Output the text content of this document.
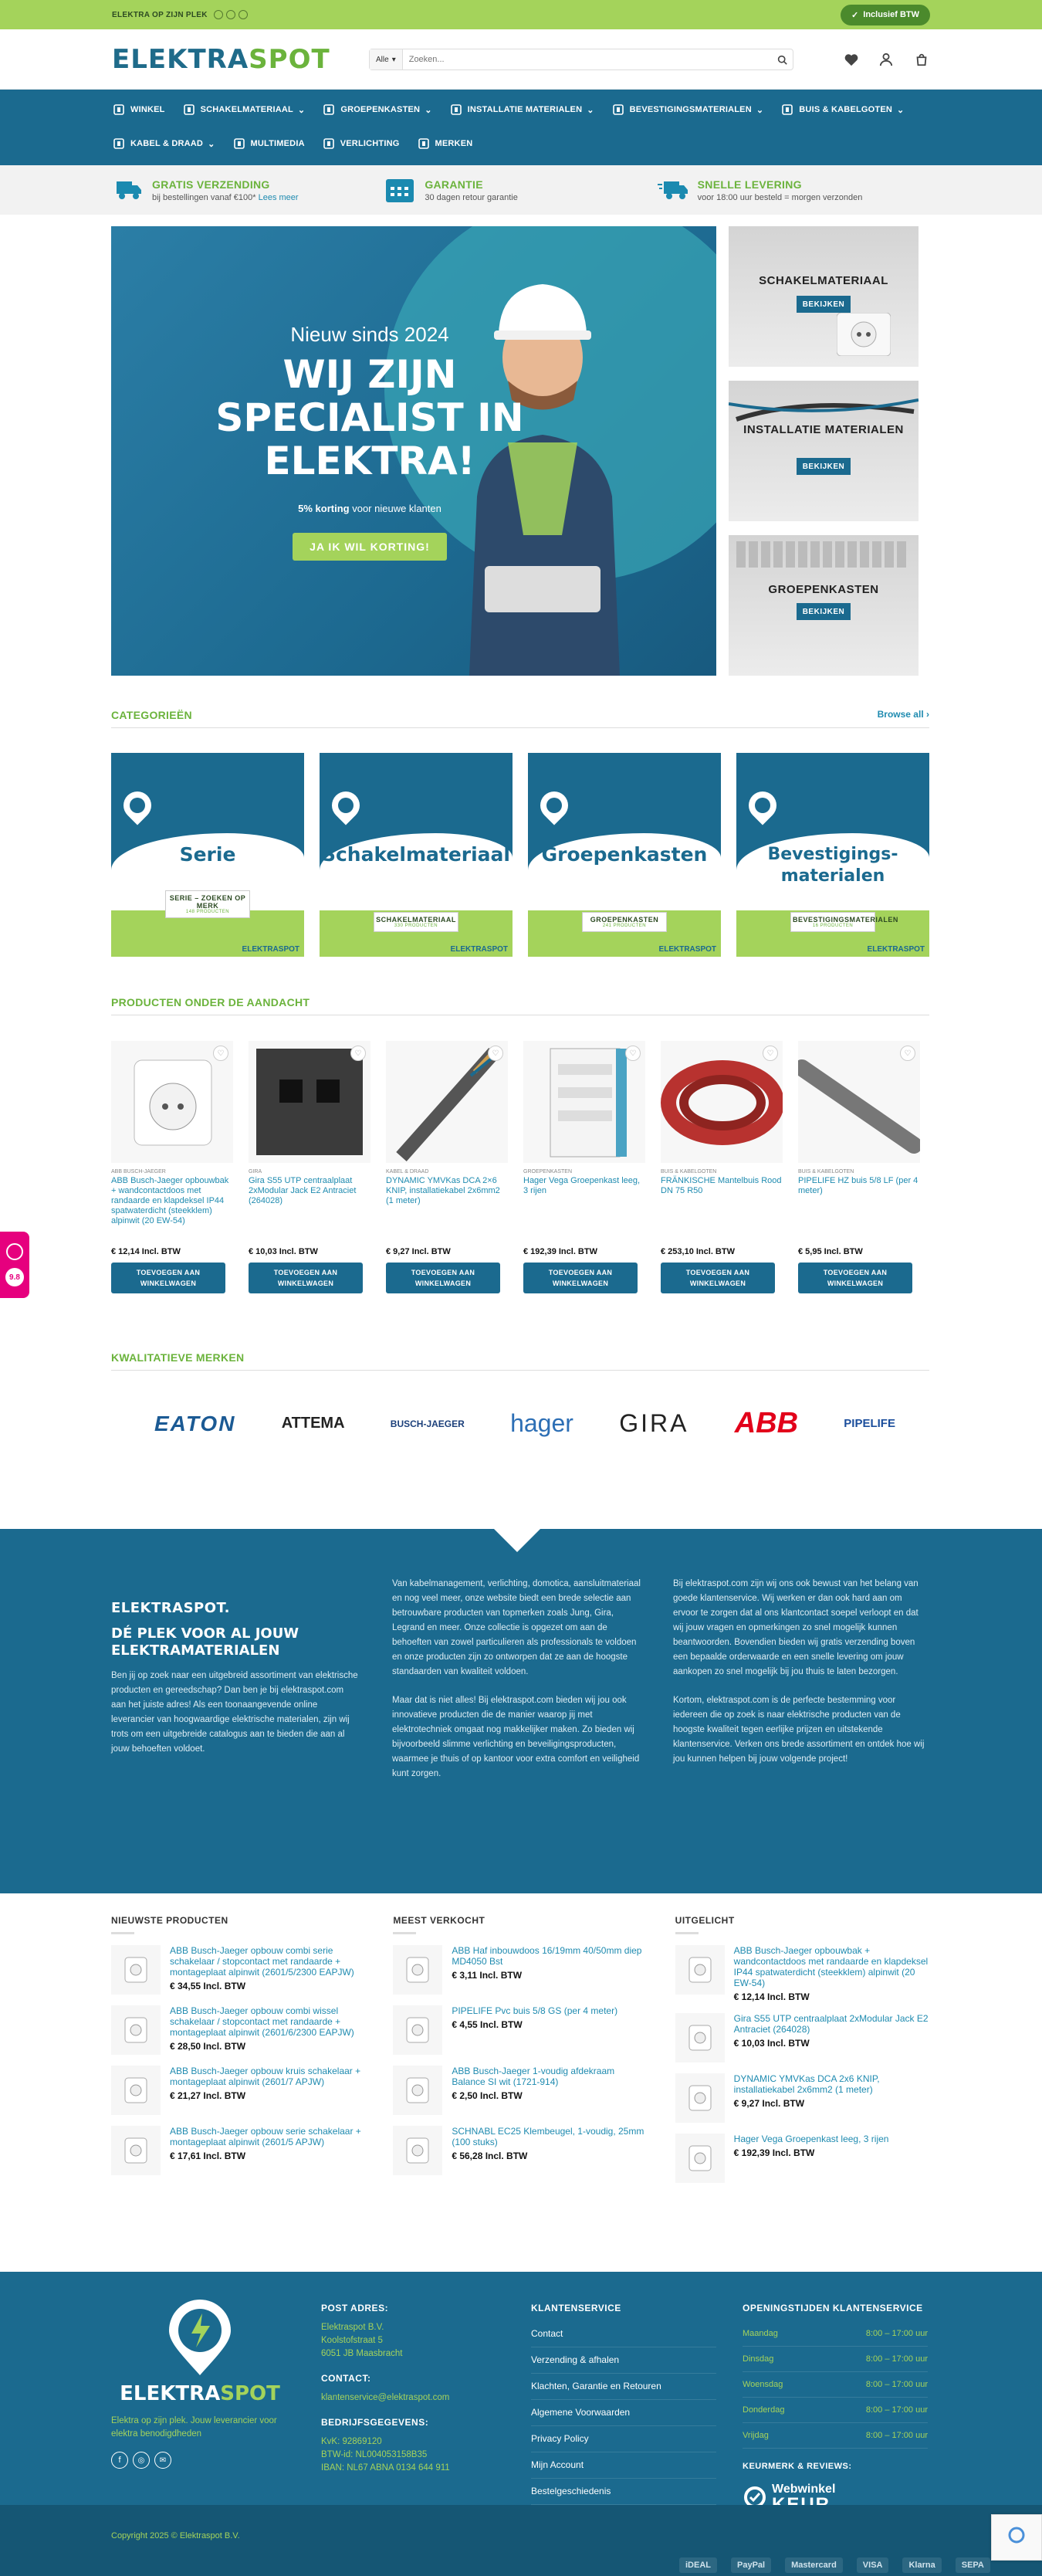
ELEKTRA OP ZIJN PLEK	✓ Inclusief BTW
ELEKTRASPOT	Alle ▾
Zoeken...
WINKEL	SCHAKELMATERIAAL ⌄	GROEPENKASTEN ⌄	INSTALLATIE MATERIALEN ⌄	BEVESTIGINGSMATERIALEN ⌄	BUIS & KABELGOTEN ⌄
KABEL & DRAAD ⌄	MULTIMEDIA	VERLICHTING	MERKEN
GRATIS VERZENDING
bij bestellingen vanaf €100* Lees meer
GARANTIE
30 dagen retour garantie
SNELLE LEVERING
voor 18:00 uur besteld = morgen verzonden
Nieuw sinds 2024
WIJ ZIJN
SPECIALIST IN
ELEKTRA!
5% korting voor nieuwe klanten
JA IK WIL KORTING!
SCHAKELMATERIAAL
BEKIJKEN
INSTALLATIE MATERIALEN
BEKIJKEN
GROEPENKASTEN
BEKIJKEN
CATEGORIEËN	Browse all ›
Serie
SERIE – ZOEKEN OP MERK
148 PRODUCTEN
ELEKTRASPOT
Schakelmateriaal
SCHAKELMATERIAAL
330 PRODUCTEN
ELEKTRASPOT
Groepenkasten
GROEPENKASTEN
241 PRODUCTEN
ELEKTRASPOT
Bevestigings-materialen
BEVESTIGINGSMATERIALEN
16 PRODUCTEN
ELEKTRASPOT
PRODUCTEN ONDER DE AANDACHT
♡
ABB BUSCH-JAEGER
ABB Busch-Jaeger opbouwbak + wandcontactdoos met randaarde en klapdeksel IP44 spatwaterdicht (steekklem) alpinwit (20 EW-54)
€ 12,14 Incl. BTW
TOEVOEGEN AAN WINKELWAGEN
♡
GIRA
Gira S55 UTP centraalplaat 2xModular Jack E2 Antraciet (264028)
€ 10,03 Incl. BTW
TOEVOEGEN AAN WINKELWAGEN
♡
KABEL & DRAAD
DYNAMIC YMVKas DCA 2×6 KNIP, installatiekabel 2x6mm2 (1 meter)
€ 9,27 Incl. BTW
TOEVOEGEN AAN WINKELWAGEN
♡
GROEPENKASTEN
Hager Vega Groepenkast leeg, 3 rijen
€ 192,39 Incl. BTW
TOEVOEGEN AAN WINKELWAGEN
♡
BUIS & KABELGOTEN
FRÄNKISCHE Mantelbuis Rood DN 75 R50
€ 253,10 Incl. BTW
TOEVOEGEN AAN WINKELWAGEN
♡
BUIS & KABELGOTEN
PIPELIFE HZ buis 5/8 LF (per 4 meter)
€ 5,95 Incl. BTW
TOEVOEGEN AAN WINKELWAGEN
KWALITATIEVE MERKEN
EATON	ATTEMA	BUSCH-JAEGER hager GIRA ABB	PIPELIFE
9.8
ELEKTRASPOT.
DÉ PLEK VOOR AL JOUW ELEKTRAMATERIALEN

Ben jij op zoek naar een uitgebreid assortiment van elektrische producten en gereedschap? Dan ben je bij elektraspot.com aan het juiste adres! Als een toonaangevende online leverancier van hoogwaardige elektrische materialen, zijn wij trots om een uitgebreide catalogus aan te bieden die aan al jouw behoeften voldoet.

Van kabelmanagement, verlichting, domotica, aansluitmateriaal en nog veel meer, onze website biedt een brede selectie aan betrouwbare producten van topmerken zoals Jung, Gira, Legrand en meer. Onze collectie is opgezet om aan de behoeften van zowel particulieren als professionals te voldoen en onze producten zijn zo ontworpen dat ze aan de hoogste standaarden van kwaliteit voldoen.

Maar dat is niet alles! Bij elektraspot.com bieden wij jou ook innovatieve producten die de manier waarop jij met elektrotechniek omgaat nog makkelijker maken. Zo bieden wij bijvoorbeeld slimme verlichting en beveiligingsproducten, waarmee je thuis of op kantoor voor extra comfort en veiligheid kunt zorgen.

Bij elektraspot.com zijn wij ons ook bewust van het belang van goede klantenservice. Wij werken er dan ook hard aan om ervoor te zorgen dat al ons klantcontact soepel verloopt en dat wij jouw vragen en opmerkingen zo snel mogelijk kunnen beantwoorden. Bovendien bieden wij gratis verzending boven een bepaalde orderwaarde en een snelle levering om jouw aankopen zo snel mogelijk bij jou thuis te laten bezorgen.

Kortom, elektraspot.com is de perfecte bestemming voor iedereen die op zoek is naar elektrische producten van de hoogste kwaliteit tegen eerlijke prijzen en uitstekende klantenservice. Verken ons brede assortiment en ontdek hoe wij jou kunnen helpen bij jouw volgende project!

NIEUWSTE PRODUCTEN
ABB Busch-Jaeger opbouw combi serie schakelaar / stopcontact met randaarde + montageplaat alpinwit (2601/5/2300 EAPJW)
€ 34,55 Incl. BTW
ABB Busch-Jaeger opbouw combi wissel schakelaar / stopcontact met randaarde + montageplaat alpinwit (2601/6/2300 EAPJW)
€ 28,50 Incl. BTW
ABB Busch-Jaeger opbouw kruis schakelaar + montageplaat alpinwit (2601/7 APJW)
€ 21,27 Incl. BTW
ABB Busch-Jaeger opbouw serie schakelaar + montageplaat alpinwit (2601/5 APJW)
€ 17,61 Incl. BTW
MEEST VERKOCHT
ABB Haf inbouwdoos 16/19mm 40/50mm diep MD4050 Bst
€ 3,11 Incl. BTW
PIPELIFE Pvc buis 5/8 GS (per 4 meter)
€ 4,55 Incl. BTW
ABB Busch-Jaeger 1-voudig afdekraam Balance SI wit (1721-914)
€ 2,50 Incl. BTW
SCHNABL EC25 Klembeugel, 1-voudig, 25mm (100 stuks)
€ 56,28 Incl. BTW
UITGELICHT
ABB Busch-Jaeger opbouwbak + wandcontactdoos met randaarde en klapdeksel IP44 spatwaterdicht (steekklem) alpinwit (20 EW-54)
€ 12,14 Incl. BTW
Gira S55 UTP centraalplaat 2xModular Jack E2 Antraciet (264028)
€ 10,03 Incl. BTW
DYNAMIC YMVKas DCA 2x6 KNIP, installatiekabel 2x6mm2 (1 meter)
€ 9,27 Incl. BTW
Hager Vega Groepenkast leeg, 3 rijen
€ 192,39 Incl. BTW
ELEKTRASPOT
Elektra op zijn plek. Jouw leverancier voor elektra benodigdheden
f	◎	✉
POST ADRES:
Elektraspot B.V.
Koolstofstraat 5
6051 JB Maasbracht
CONTACT:
klantenservice@elektraspot.com
BEDRIJFSGEGEVENS:
KvK: 92869120
BTW-id: NL004053158B35
IBAN: NL67 ABNA 0134 644 911
KLANTENSERVICE
Contact
Verzending & afhalen
Klachten, Garantie en Retouren
Algemene Voorwaarden
Privacy Policy
Mijn Account
Bestelgeschiedenis
OPENINGSTIJDEN KLANTENSERVICE
Maandag	8:00 – 17:00 uur
Dinsdag	8:00 – 17:00 uur
Woensdag	8:00 – 17:00 uur
Donderdag	8:00 – 17:00 uur
Vrijdag	8:00 – 17:00 uur
KEURMERK & REVIEWS:
Webwinkel
Copyright 2025 © Elektraspot B.V.
iDEAL	PayPal	Mastercard	VISA	Klarna	SEPA
